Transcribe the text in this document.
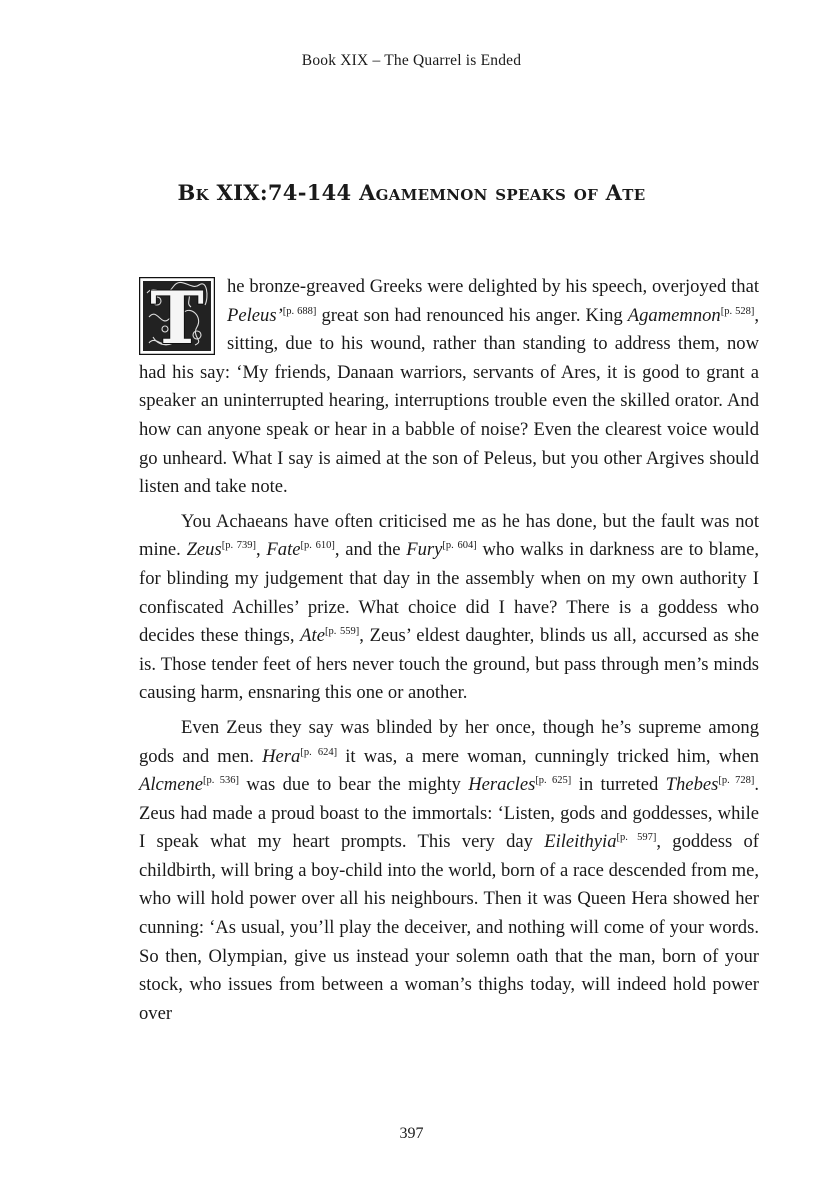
Book XIX – The Quarrel is Ended
Bk XIX:74-144 Agamemnon speaks of Ate

T he bronze-greaved Greeks were delighted by his speech, overjoyed that Peleus’[p. 688] great son had renounced his anger. King Agamemnon[p. 528], sitting, due to his wound, rather than standing to address them, now had his say: ‘My friends, Danaan warriors, servants of Ares, it is good to grant a speaker an uninterrupted hearing, interruptions trouble even the skilled orator. And how can anyone speak or hear in a babble of noise? Even the clearest voice would go unheard. What I say is aimed at the son of Peleus, but you other Argives should listen and take note.

You Achaeans have often criticised me as he has done, but the fault was not mine. Zeus[p. 739], Fate[p. 610], and the Fury[p. 604] who walks in darkness are to blame, for blinding my judgement that day in the assembly when on my own authority I confiscated Achilles’ prize. What choice did I have? There is a goddess who decides these things, Ate[p. 559], Zeus’ eldest daughter, blinds us all, accursed as she is. Those tender feet of hers never touch the ground, but pass through men’s minds causing harm, ensnaring this one or another.

Even Zeus they say was blinded by her once, though he’s supreme among gods and men. Hera[p. 624] it was, a mere woman, cunningly tricked him, when Alcmene[p. 536] was due to bear the mighty Heracles[p. 625] in turreted Thebes[p. 728]. Zeus had made a proud boast to the immortals: ‘Listen, gods and goddesses, while I speak what my heart prompts. This very day Eileithyia[p. 597], goddess of childbirth, will bring a boy-child into the world, born of a race descended from me, who will hold power over all his neighbours. Then it was Queen Hera showed her cunning: ‘As usual, you’ll play the deceiver, and nothing will come of your words. So then, Olympian, give us instead your solemn oath that the man, born of your stock, who issues from between a woman’s thighs today, will indeed hold power over

397
